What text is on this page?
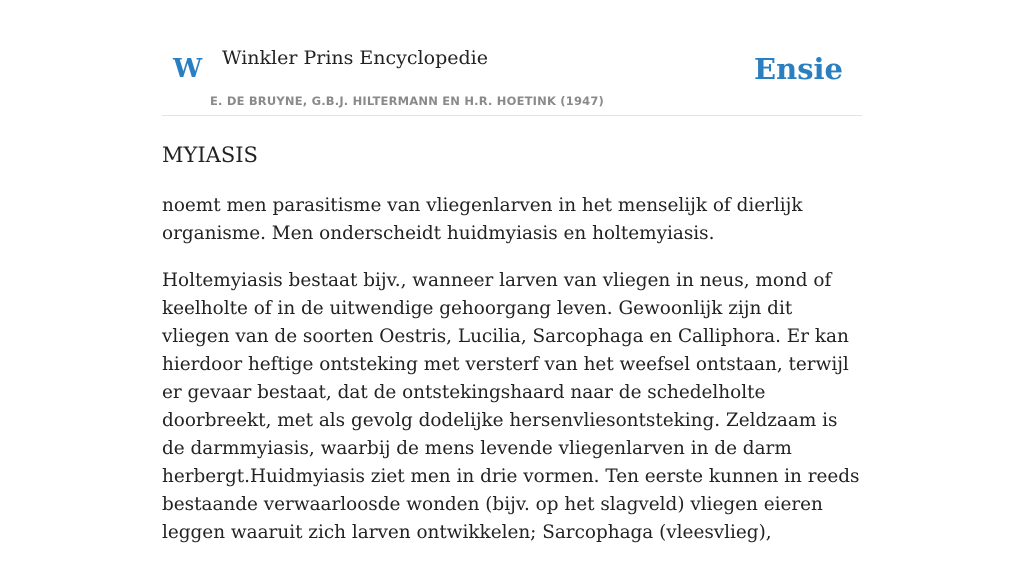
W Winkler Prins Encyclopedie
E. DE BRUYNE, G.B.J. HILTERMANN EN H.R. HOETINK (1947)
Ensie
MYIASIS

noemt men parasitisme van vliegenlarven in het menselijk of dierlijk organisme. Men onderscheidt huidmyiasis en holtemyiasis.

Holtemyiasis bestaat bijv., wanneer larven van vliegen in neus, mond of keelholte of in de uitwendige gehoorgang leven. Gewoonlijk zijn dit vliegen van de soorten Oestris, Lucilia, Sarcophaga en Calliphora. Er kan hierdoor heftige ontsteking met versterf van het weefsel ontstaan, terwijl er gevaar bestaat, dat de ontstekingshaard naar de schedelholte doorbreekt, met als gevolg dodelijke hersenvliesontsteking. Zeldzaam is de darmmyiasis, waarbij de mens levende vliegenlarven in de darm herbergt.Huidmyiasis ziet men in drie vormen. Ten eerste kunnen in reeds bestaande verwaarloosde wonden (bijv. op het slagveld) vliegen eieren leggen waaruit zich larven ontwikkelen; Sarcophaga (vleesvlieg),
